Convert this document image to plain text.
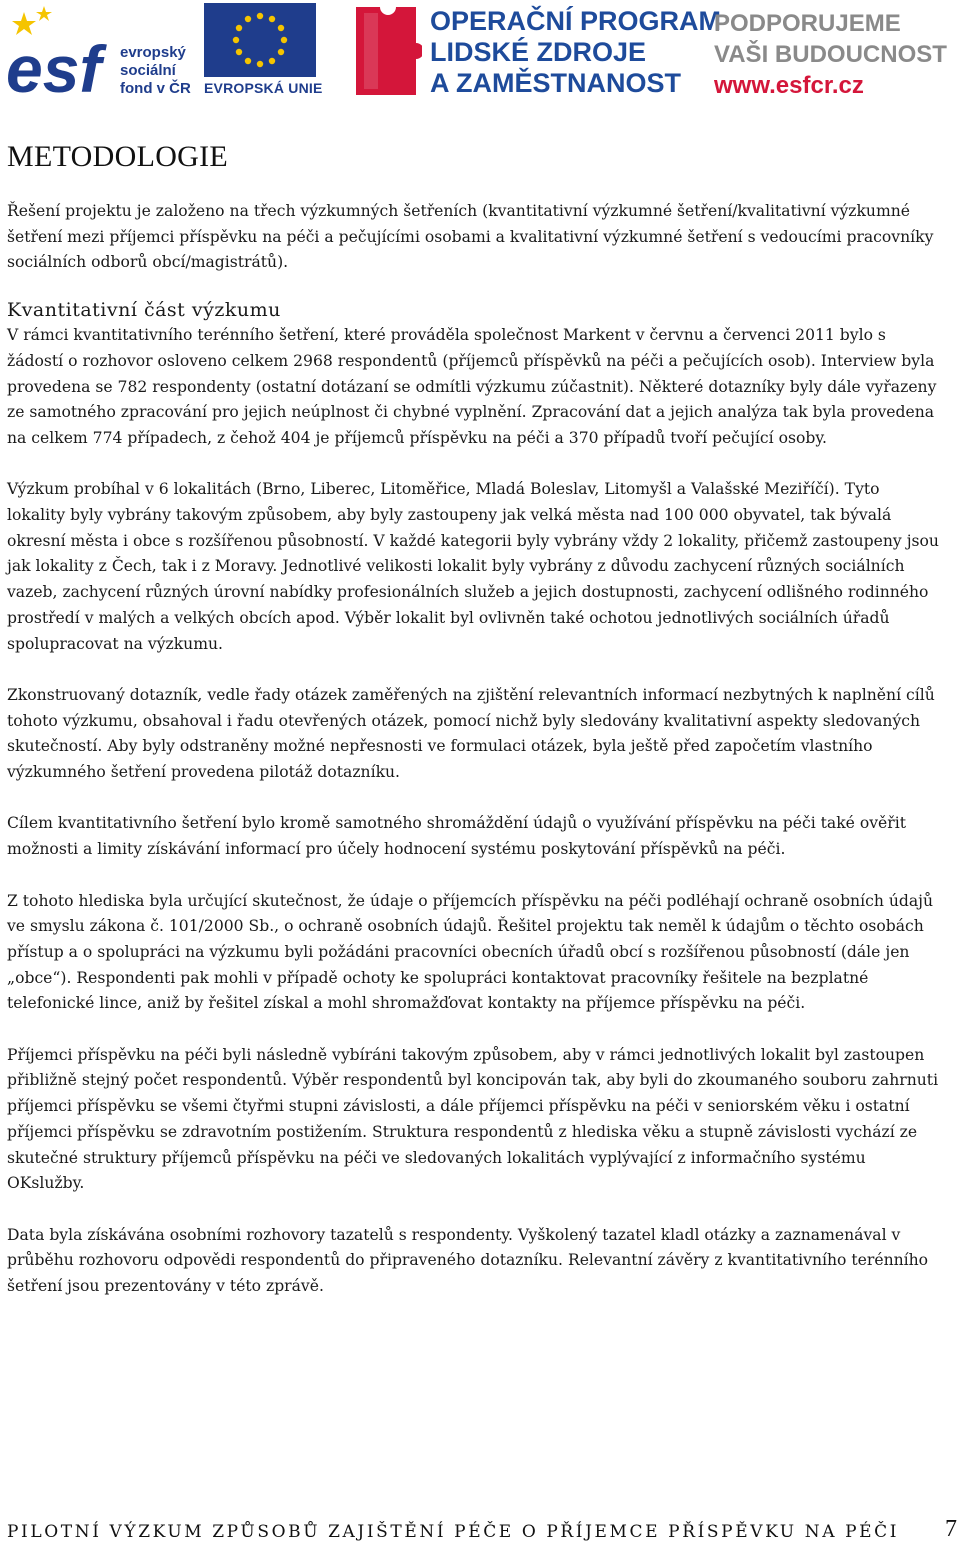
esf	evropský
sociální
fond v ČR EVROPSKÁ UNIE
OPERAČNÍ PROGRAM
LIDSKÉ ZDROJE
A ZAMĚSTNANOST
PODPORUJEME
VAŠI BUDOUCNOST
www.esfcr.cz
METODOLOGIE

Řešení projektu je založeno na třech výzkumných šetřeních (kvantitativní výzkumné šetření/kvalitativní výzkumné šetření mezi příjemci příspěvku na péči a pečujícími osobami a kvalitativní výzkumné šetření s vedoucími pracovníky sociálních odborů obcí/magistrátů).

Kvantitativní část výzkumu

V rámci kvantitativního terénního šetření, které prováděla společnost Markent v červnu a červenci 2011 bylo s žádostí o rozhovor osloveno celkem 2968 respondentů (příjemců příspěvků na péči a pečujících osob). Interview byla provedena se 782 respondenty (ostatní dotázaní se odmítli výzkumu zúčastnit). Některé dotazníky byly dále vyřazeny ze samotného zpracování pro jejich neúplnost či chybné vyplnění. Zpracování dat a jejich analýza tak byla provedena na celkem 774 případech, z čehož 404 je příjemců příspěvku na péči a 370 případů tvoří pečující osoby.

Výzkum probíhal v 6 lokalitách (Brno, Liberec, Litoměřice, Mladá Boleslav, Litomyšl a Valašské Meziříčí). Tyto lokality byly vybrány takovým způsobem, aby byly zastoupeny jak velká města nad 100 000 obyvatel, tak bývalá okresní města i obce s rozšířenou působností. V každé kategorii byly vybrány vždy 2 lokality, přičemž zastoupeny jsou jak lokality z Čech, tak i z Moravy. Jednotlivé velikosti lokalit byly vybrány z důvodu zachycení různých sociálních vazeb, zachycení různých úrovní nabídky profesionálních služeb a jejich dostupnosti, zachycení odlišného rodinného prostředí v malých a velkých obcích apod. Výběr lokalit byl ovlivněn také ochotou jednotlivých sociálních úřadů spolupracovat na výzkumu.

Zkonstruovaný dotazník, vedle řady otázek zaměřených na zjištění relevantních informací nezbytných k naplnění cílů tohoto výzkumu, obsahoval i řadu otevřených otázek, pomocí nichž byly sledovány kvalitativní aspekty sledovaných skutečností. Aby byly odstraněny možné nepřesnosti ve formulaci otázek, byla ještě před započetím vlastního výzkumného šetření provedena pilotáž dotazníku.

Cílem kvantitativního šetření bylo kromě samotného shromáždění údajů o využívání příspěvku na péči také ověřit možnosti a limity získávání informací pro účely hodnocení systému poskytování příspěvků na péči.

Z tohoto hlediska byla určující skutečnost, že údaje o příjemcích příspěvku na péči podléhají ochraně osobních údajů ve smyslu zákona č. 101/2000 Sb., o ochraně osobních údajů. Řešitel projektu tak neměl k údajům o těchto osobách přístup a o spolupráci na výzkumu byli požádáni pracovníci obecních úřadů obcí s rozšířenou působností (dále jen „obce“). Respondenti pak mohli v případě ochoty ke spolupráci kontaktovat pracovníky řešitele na bezplatné telefonické lince, aniž by řešitel získal a mohl shromažďovat kontakty na příjemce příspěvku na péči.

Příjemci příspěvku na péči byli následně vybíráni takovým způsobem, aby v rámci jednotlivých lokalit byl zastoupen přibližně stejný počet respondentů. Výběr respondentů byl koncipován tak, aby byli do zkoumaného souboru zahrnuti příjemci příspěvku se všemi čtyřmi stupni závislosti, a dále příjemci příspěvku na péči v seniorském věku i ostatní příjemci příspěvku se zdravotním postižením. Struktura respondentů z hlediska věku a stupně závislosti vychází ze skutečné struktury příjemců příspěvku na péči ve sledovaných lokalitách vyplývající z informačního systému OKslužby.

Data byla získávána osobními rozhovory tazatelů s respondenty. Vyškolený tazatel kladl otázky a zaznamenával v průběhu rozhovoru odpovědi respondentů do připraveného dotazníku. Relevantní závěry z kvantitativního terénního šetření jsou prezentovány v této zprávě.

PILOTNÍ VÝZKUM ZPŮSOBŮ ZAJIŠTĚNÍ PÉČE O PŘÍJEMCE PŘÍSPĚVKU NA PÉČI 7
